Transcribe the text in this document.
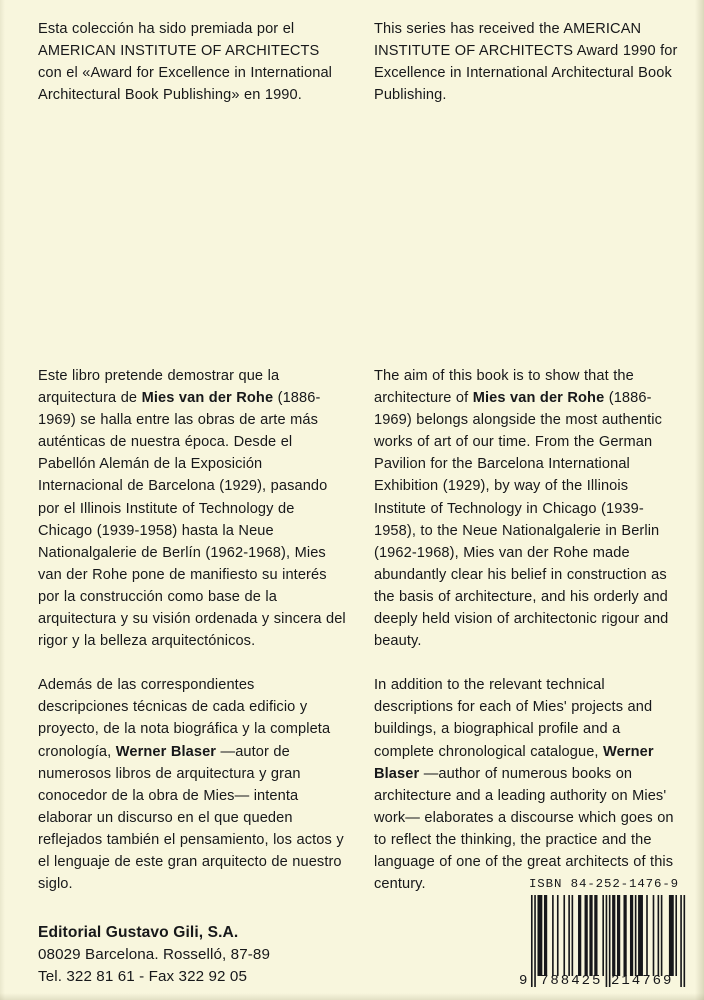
Esta colección ha sido premiada por el AMERICAN INSTITUTE OF ARCHITECTS con el «Award for Excellence in International Architectural Book Publishing» en 1990.

This series has received the AMERICAN INSTITUTE OF ARCHITECTS Award 1990 for Excellence in International Architectural Book Publishing.

Este libro pretende demostrar que la arquitectura de Mies van der Rohe (1886-1969) se halla entre las obras de arte más auténticas de nuestra época. Desde el Pabellón Alemán de la Exposición Internacional de Barcelona (1929), pasando por el Illinois Institute of Technology de Chicago (1939-1958) hasta la Neue Nationalgalerie de Berlín (1962-1968), Mies van der Rohe pone de manifiesto su interés por la construcción como base de la arquitectura y su visión ordenada y sincera del rigor y la belleza arquitectónicos.

Además de las correspondientes descripciones técnicas de cada edificio y proyecto, de la nota biográfica y la completa cronología, Werner Blaser —autor de numerosos libros de arquitectura y gran conocedor de la obra de Mies— intenta elaborar un discurso en el que queden reflejados también el pensamiento, los actos y el lenguaje de este gran arquitecto de nuestro siglo.

The aim of this book is to show that the architecture of Mies van der Rohe (1886-1969) belongs alongside the most authentic works of art of our time. From the German Pavilion for the Barcelona International Exhibition (1929), by way of the Illinois Institute of Technology in Chicago (1939-1958), to the Neue Nationalgalerie in Berlin (1962-1968), Mies van der Rohe made abundantly clear his belief in construction as the basis of architecture, and his orderly and deeply held vision of architectonic rigour and beauty.

In addition to the relevant technical descriptions for each of Mies' projects and buildings, a biographical profile and a complete chronological catalogue, Werner Blaser —author of numerous books on architecture and a leading authority on Mies' work— elaborates a discourse which goes on to reflect the thinking, the practice and the language of one of the great architects of this century.

Editorial Gustavo Gili, S.A.

08029 Barcelona. Rosselló, 87-89

Tel. 322 81 61 - Fax 322 92 05

ISBN 84-252-1476-9

9 788425 214769
